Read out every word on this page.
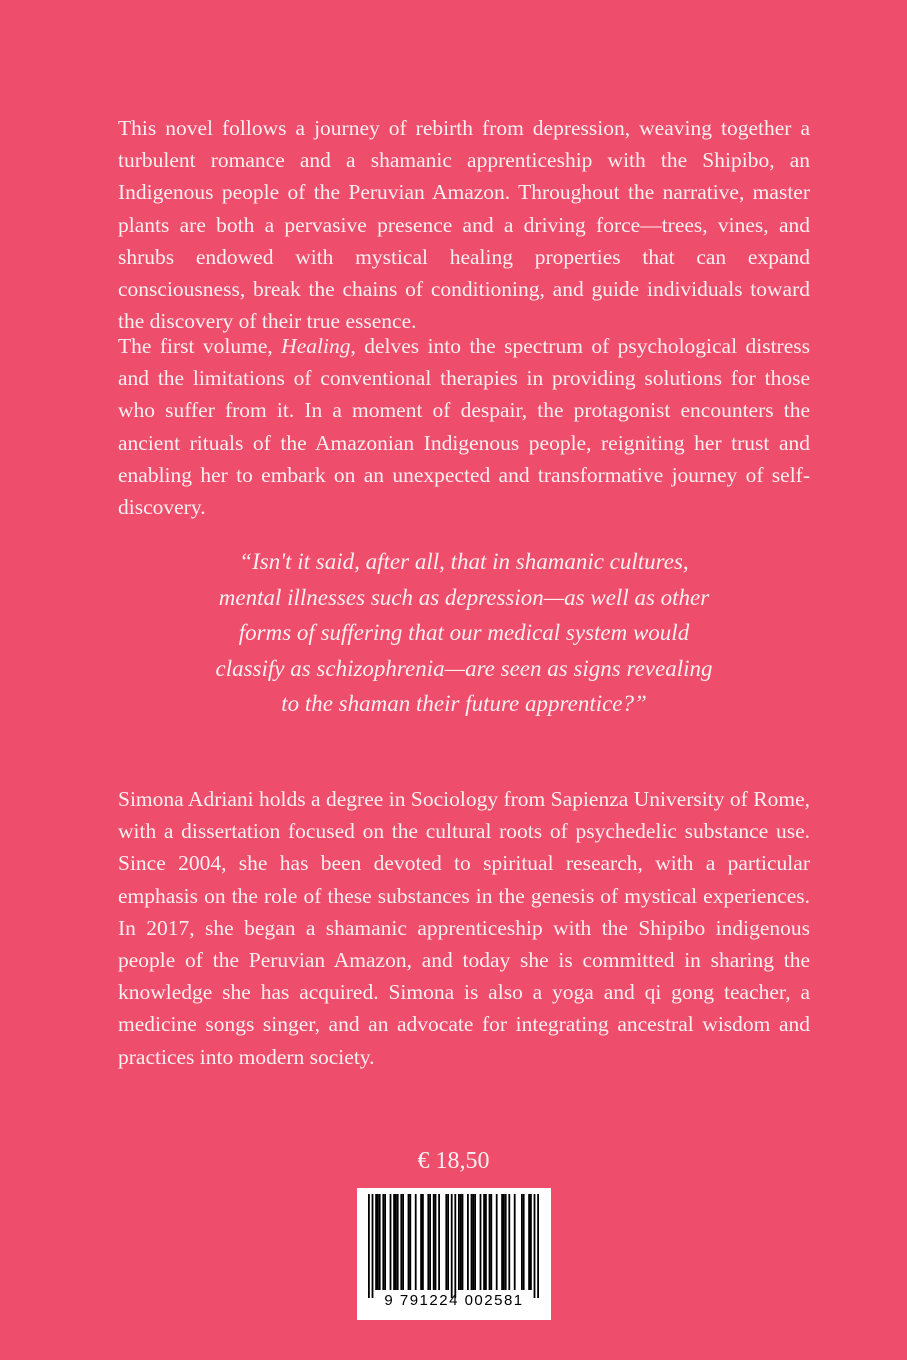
This novel follows a journey of rebirth from depression, weaving together a turbulent romance and a shamanic apprenticeship with the Shipibo, an Indigenous people of the Peruvian Amazon. Throughout the narrative, master plants are both a pervasive presence and a driving force—trees, vines, and shrubs endowed with mystical healing properties that can expand consciousness, break the chains of conditioning, and guide individuals toward the discovery of their true essence.

The first volume, Healing, delves into the spectrum of psychological distress and the limitations of conventional therapies in providing solutions for those who suffer from it. In a moment of despair, the protagonist encounters the ancient rituals of the Amazonian Indigenous people, reigniting her trust and enabling her to embark on an unexpected and transformative journey of self-discovery.

“Isn't it said, after all, that in shamanic cultures,
mental illnesses such as depression—as well as other
forms of suffering that our medical system would
classify as schizophrenia—are seen as signs revealing
to the shaman their future apprentice?”

Simona Adriani holds a degree in Sociology from Sapienza University of Rome, with a dissertation focused on the cultural roots of psychedelic substance use. Since 2004, she has been devoted to spiritual research, with a particular emphasis on the role of these substances in the genesis of mystical experiences. In 2017, she began a shamanic apprenticeship with the Shipibo indigenous people of the Peruvian Amazon, and today she is committed in sharing the knowledge she has acquired. Simona is also a yoga and qi gong teacher, a medicine songs singer, and an advocate for integrating ancestral wisdom and practices into modern society.

€ 18,50
9 791224 002581
